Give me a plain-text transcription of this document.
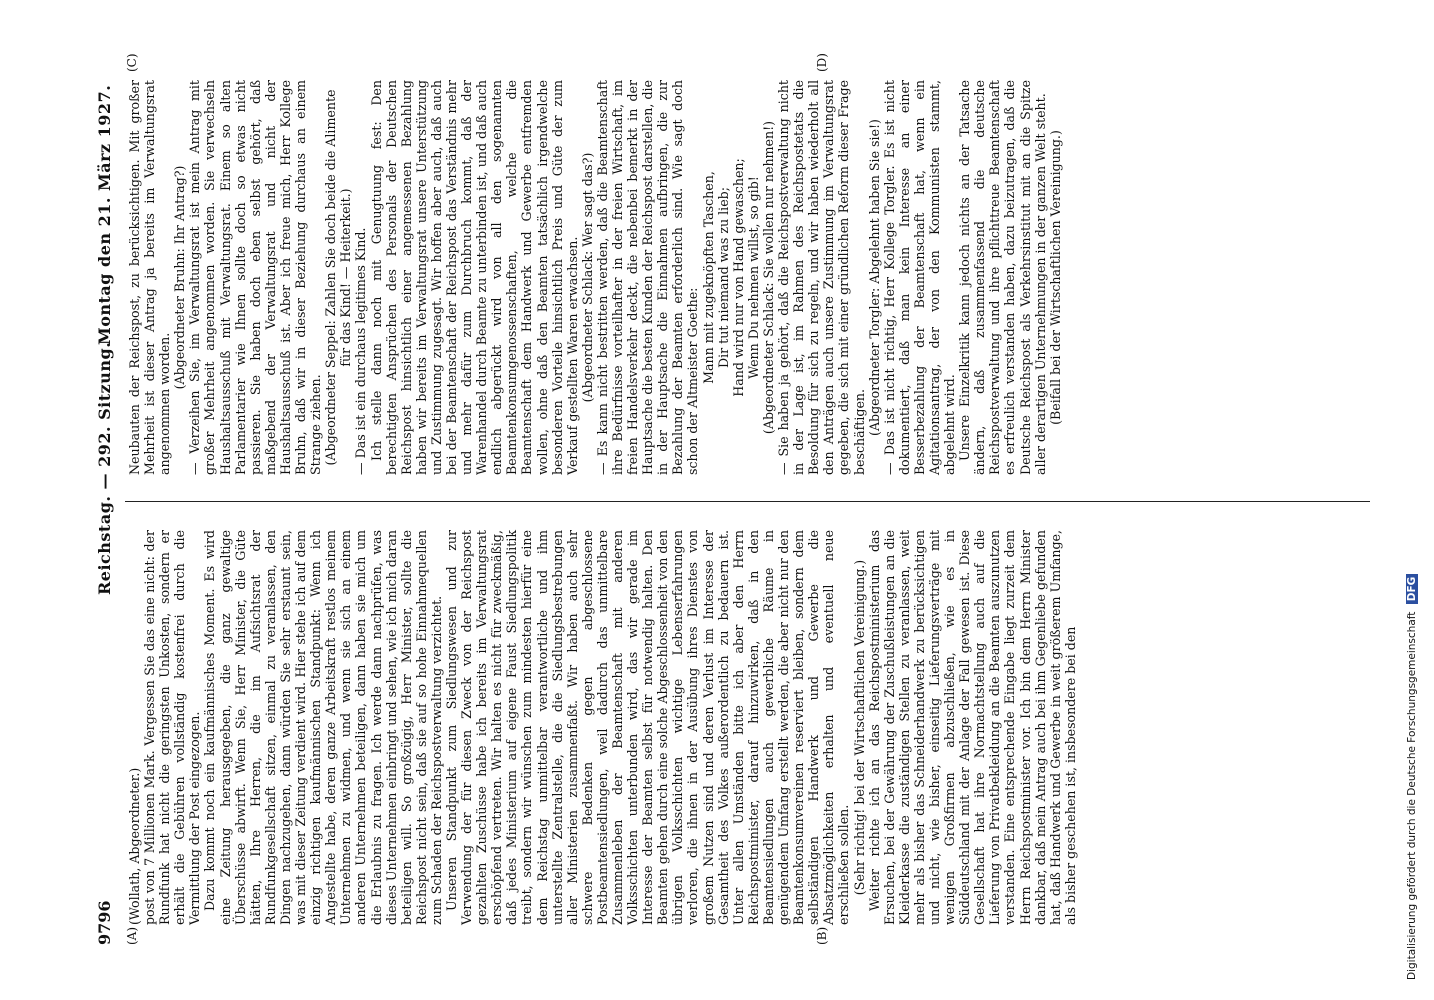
9796
Reichstag. — 292. Sitzung.
Montag den 21. März 1927.
(A)	(B)
(C)	(D)

(Wollath, Abgeordneter.) post von 7 Millionen Mark. Vergessen Sie das eine nicht: der Rundfunk hat nicht die geringsten Unkosten, sondern er erhält die Gebühren vollständig kostenfrei durch die Vermittlung der Post eingezogen. Dazu kommt noch ein kaufmännisches Moment. Es wird eine Zeitung herausgegeben, die ganz gewaltige Überschüsse abwirft. Wenn Sie, Herr Minister, die Güte hätten, Ihre Herren, die im Aufsichtsrat der Rundfunkgesellschaft sitzen, einmal zu veranlassen, den Dingen nachzugehen, dann würden Sie sehr erstaunt sein, was mit dieser Zeitung verdient wird. Hier stehe ich auf dem einzig richtigen kaufmännischen Standpunkt: Wenn ich Angestellte habe, deren ganze Arbeitskraft restlos meinem Unternehmen zu widmen, und wenn sie sich an einem anderen Unternehmen beteiligen, dann haben sie mich um die Erlaubnis zu fragen. Ich werde dann nachprüfen, was dieses Unternehmen einbringt und sehen, wie ich mich daran beteiligen will. So großzügig, Herr Minister, sollte die Reichspost nicht sein, daß sie auf so hohe Einnahmequellen zum Schaden der Reichspostverwaltung verzichtet. Unseren Standpunkt zum Siedlungswesen und zur Verwendung der für diesen Zweck von der Reichspost gezahlten Zuschüsse habe ich bereits im Verwaltungsrat erschöpfend vertreten. Wir halten es nicht für zweckmäßig, daß jedes Ministerium auf eigene Faust Siedlungspolitik treibt, sondern wir wünschen zum mindesten hierfür eine dem Reichstag unmittelbar verantwortliche und ihm unterstellte Zentralstelle, die die Siedlungsbestrebungen aller Ministerien zusammenfaßt. Wir haben auch sehr schwere Bedenken gegen abgeschlossene Postbeamtensiedlungen, weil dadurch das unmittelbare Zusammenleben der Beamtenschaft mit anderen Volksschichten unterbunden wird, das wir gerade im Interesse der Beamten selbst für notwendig halten. Den Beamten gehen durch eine solche Abgeschlossenheit von den übrigen Volksschichten wichtige Lebenserfahrungen verloren, die ihnen in der Ausübung ihres Dienstes von großem Nutzen sind und deren Verlust im Interesse der Gesamtheit des Volkes außerordentlich zu bedauern ist. Unter allen Umständen bitte ich aber den Herrn Reichspostminister, darauf hinzuwirken, daß in den Beamtensiedlungen auch gewerbliche Räume in genügendem Umfang erstellt werden, die aber nicht nur den Beamtenkonsumvereinen reserviert bleiben, sondern dem selbständigen Handwerk und Gewerbe die Absatzmöglichkeiten erhalten und eventuell neue erschließen sollen. (Sehr richtig! bei der Wirtschaftlichen Vereinigung.) Weiter richte ich an das Reichspostministerium das Ersuchen, bei der Gewährung der Zuschußleistungen an die Kleiderkasse die zuständigen Stellen zu veranlassen, weit mehr als bisher das Schneiderhandwerk zu berücksichtigen und nicht, wie bisher, einseitig Lieferungsverträge mit wenigen Großfirmen abzuschließen, wie es in Süddeutschland mit der Anlage der Fall gewesen ist. Diese Gesellschaft hat ihre Normachtstellung auch auf die Lieferung von Privatbekleidung an die Beamten auszunutzen verstanden. Eine entsprechende Eingabe liegt zurzeit dem Herrn Reichspostminister vor. Ich bin dem Herrn Minister dankbar, daß mein Antrag auch bei ihm Gegenliebe gefunden hat, daß Handwerk und Gewerbe in weit größerem Umfange, als bisher geschehen ist, insbesondere bei den

Neubauten der Reichspost, zu berücksichtigen. Mit großer Mehrheit ist dieser Antrag ja bereits im Verwaltungsrat angenommen worden.

(Abgeordneter Bruhn: Ihr Antrag?) — Verzeihen Sie, im Verwaltungsrat ist mein Antrag mit großer Mehrheit angenommen worden. Sie verwechseln Haushaltsausschuß mit Verwaltungsrat. Einem so alten Parlamentarier wie Ihnen sollte doch so etwas nicht passieren. Sie haben doch eben selbst gehört, daß maßgebend der Verwaltungsrat und nicht der Haushaltsausschuß ist. Aber ich freue mich, Herr Kollege Bruhn, daß wir in dieser Beziehung durchaus an einem Strange ziehen. (Abgeordneter Seppel: Zahlen Sie doch beide die Alimente für das Kind! — Heiterkeit.) — Das ist ein durchaus legitimes Kind. Ich stelle dann noch mit Genugtuung fest: Den berechtigten Ansprüchen des Personals der Deutschen Reichspost hinsichtlich einer angemessenen Bezahlung haben wir bereits im Verwaltungsrat unsere Unterstützung und Zustimmung zugesagt. Wir hoffen aber auch, daß auch bei der Beamtenschaft der Reichspost das Verständnis mehr und mehr dafür zum Durchbruch kommt, daß der Warenhandel durch Beamte zu unterbinden ist, und daß auch endlich abgerückt wird von all den sogenannten Beamtenkonsumgenossenschaften, welche die Beamtenschaft dem Handwerk und Gewerbe entfremden wollen, ohne daß den Beamten tatsächlich irgendwelche besonderen Vorteile hinsichtlich Preis und Güte der zum Verkauf gestellten Waren erwachsen. (Abgeordneter Schlack: Wer sagt das?) — Es kann nicht bestritten werden, daß die Beamtenschaft ihre Bedürfnisse vorteilhafter in der freien Wirtschaft, im freien Handelsverkehr deckt, die nebenbei bemerkt in der Hauptsache die besten Kunden der Reichspost darstellen, die in der Hauptsache die Einnahmen aufbringen, die zur Bezahlung der Beamten erforderlich sind. Wie sagt doch schon der Altmeister Goethe: Mann mit zugeknöpften Taschen, Dir tut niemand was zu lieb; Hand wird nur von Hand gewaschen; Wenn Du nehmen willst, so gib! (Abgeordneter Schlack: Sie wollen nur nehmen!) — Sie haben ja gehört, daß die Reichspostverwaltung nicht in der Lage ist, im Rahmen des Reichspostetats die Besoldung für sich zu regeln, und wir haben wiederholt all den Anträgen auch unsere Zustimmung im Verwaltungsrat gegeben, die sich mit einer gründlichen Reform dieser Frage beschäftigen. (Abgeordneter Torgler: Abgelehnt haben Sie sie!) — Das ist nicht richtig, Herr Kollege Torgler. Es ist nicht dokumentiert, daß man kein Interesse an einer Besserbezahlung der Beamtenschaft hat, wenn ein Agitationsantrag, der von den Kommunisten stammt, abgelehnt wird. Unsere Einzelkritik kann jedoch nichts an der Tatsache ändern, daß zusammenfassend die deutsche Reichspostverwaltung und ihre pflichttreue Beamtenschaft es erfreulich verstanden haben, dazu beizutragen, daß die Deutsche Reichspost als Verkehrsinstitut mit an die Spitze aller derartigen Unternehmungen in der ganzen Welt steht. (Beifall bei der Wirtschaftlichen Vereinigung.)

Digitalisierung gefördert durch die Deutsche Forschungsgemeinschaft DFG
